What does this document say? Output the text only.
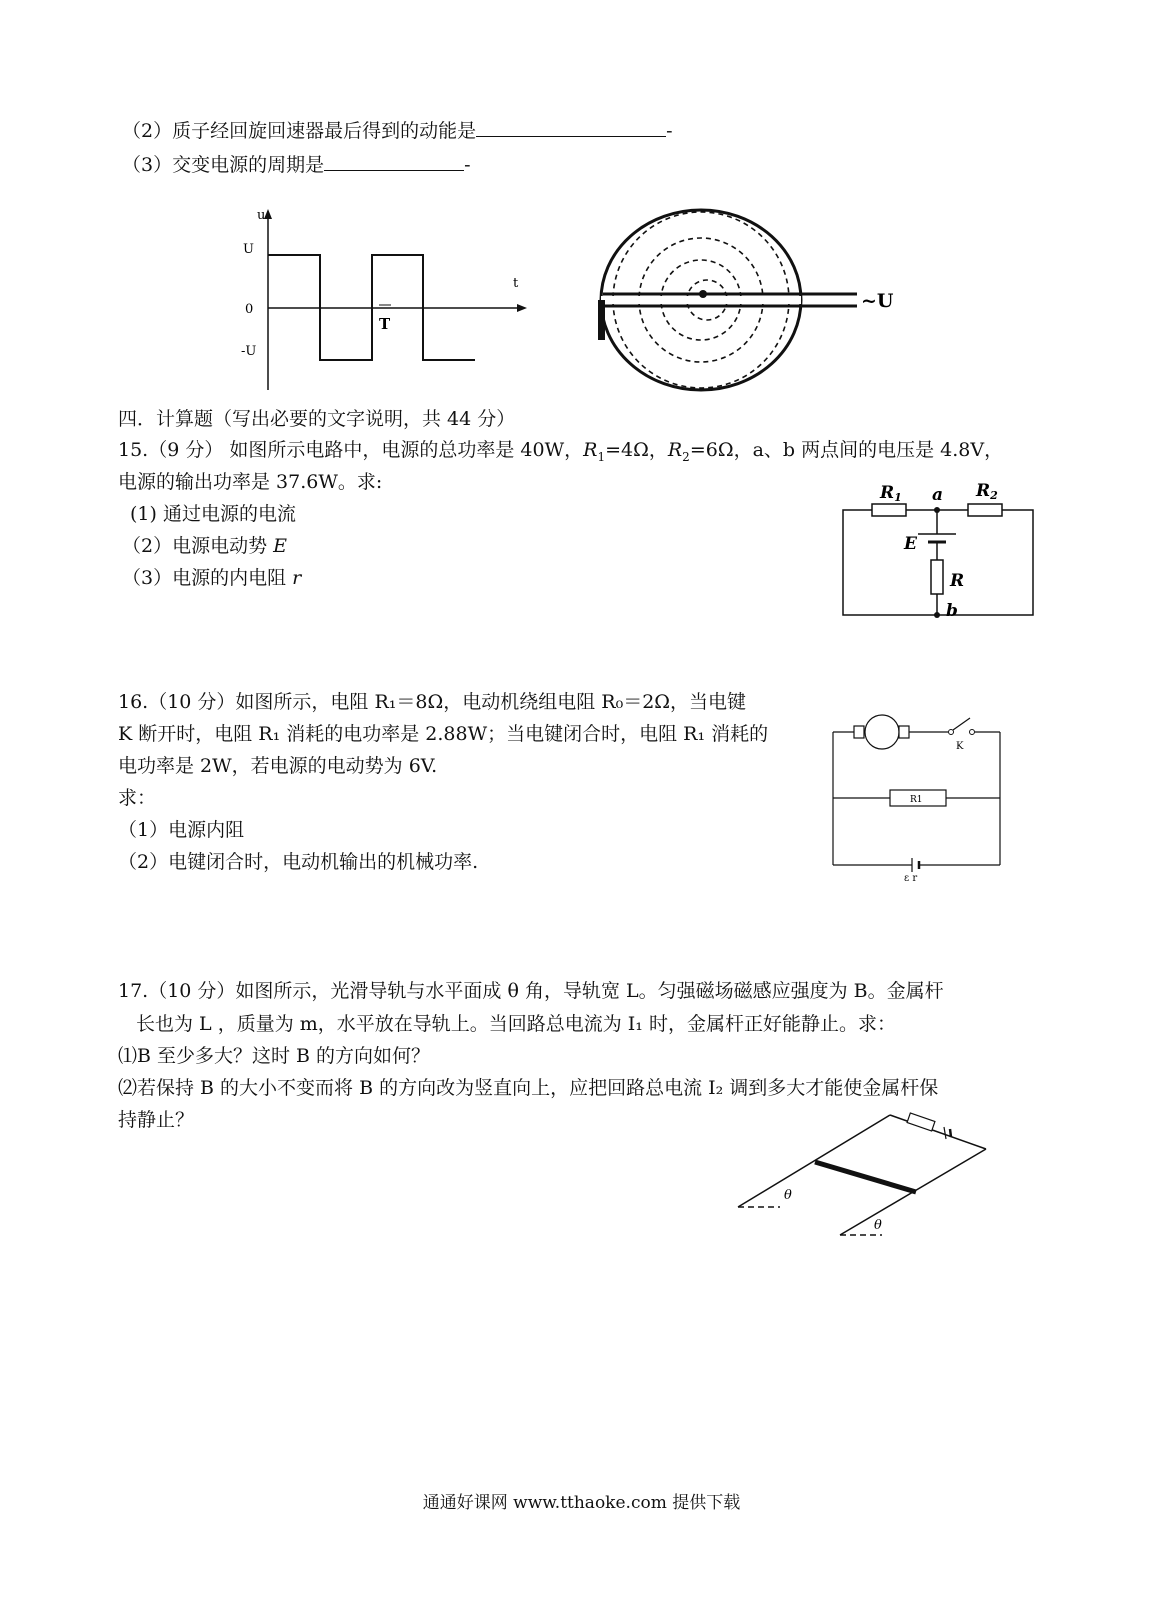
（2）质子经回旋回速器最后得到的动能是	-
（3）交变电源的周期是	-
u
t
U
0
-U
T
~U
四．计算题（写出必要的文字说明，共 44 分）
15.（9 分） 如图所示电路中，电源的总功率是 40W，$R_1=4\Omega$，$R_2=6\Omega$，a、b 两点间的电压是 4.8V，
电源的输出功率是 37.6W。求:
(1) 通过电源的电流
（2）电源电动势 E
（3）电源的内电阻 r
R1 a R2
E
R
b
16.（10 分）如图所示，电阻 R₁＝8Ω，电动机绕组电阻 R₀＝2Ω，当电键
K 断开时，电阻 R₁ 消耗的电功率是 2.88W；当电键闭合时，电阻 R₁ 消耗的
电功率是 2W，若电源的电动势为 6V.
求：
（1）电源内阻
（2）电键闭合时，电动机输出的机械功率.
K
R1
ε r
17.（10 分）如图所示，光滑导轨与水平面成 θ 角，导轨宽 L。匀强磁场磁感应强度为 B。金属杆
长也为 L ，质量为 m，水平放在导轨上。当回路总电流为 I₁ 时，金属杆正好能静止。求：
⑴B 至少多大？这时 B 的方向如何？
⑵若保持 B 的大小不变而将 B 的方向改为竖直向上，应把回路总电流 I₂ 调到多大才能使金属杆保
持静止？
θ
θ
通通好课网 www.tthaoke.com 提供下载
